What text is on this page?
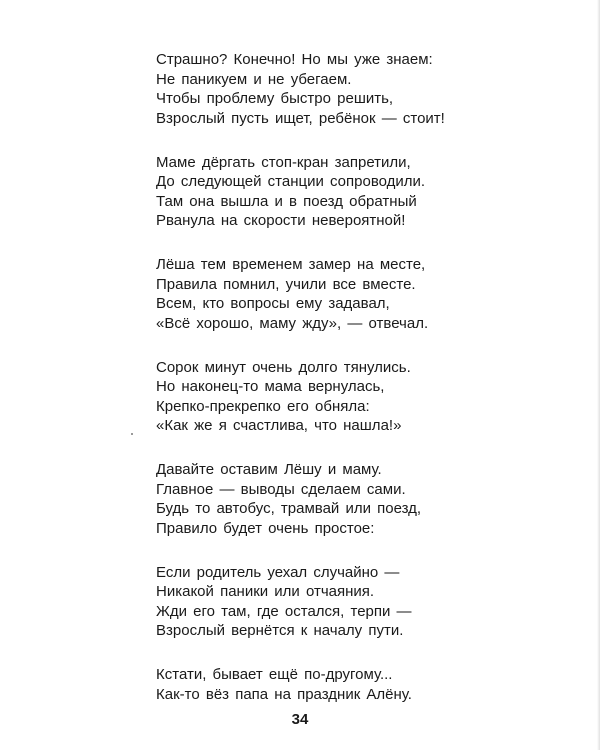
Страшно? Конечно! Но мы уже знаем:
Не паникуем и не убегаем.
Чтобы проблему быстро решить,
Взрослый пусть ищет, ребёнок — стоит!
Маме дёргать стоп-кран запретили,
До следующей станции сопроводили.
Там она вышла и в поезд обратный
Рванула на скорости невероятной!
Лёша тем временем замер на месте,
Правила помнил, учили все вместе.
Всем, кто вопросы ему задавал,
«Всё хорошо, маму жду», — отвечал.
Сорок минут очень долго тянулись.
Но наконец-то мама вернулась,
Крепко-прекрепко его обняла:
«Как же я счастлива, что нашла!»
Давайте оставим Лёшу и маму.
Главное — выводы сделаем сами.
Будь то автобус, трамвай или поезд,
Правило будет очень простое:
Если родитель уехал случайно —
Никакой паники или отчаяния.
Жди его там, где остался, терпи —
Взрослый вернётся к началу пути.
Кстати, бывает ещё по-другому...
Как-то вёз папа на праздник Алёну.
34
